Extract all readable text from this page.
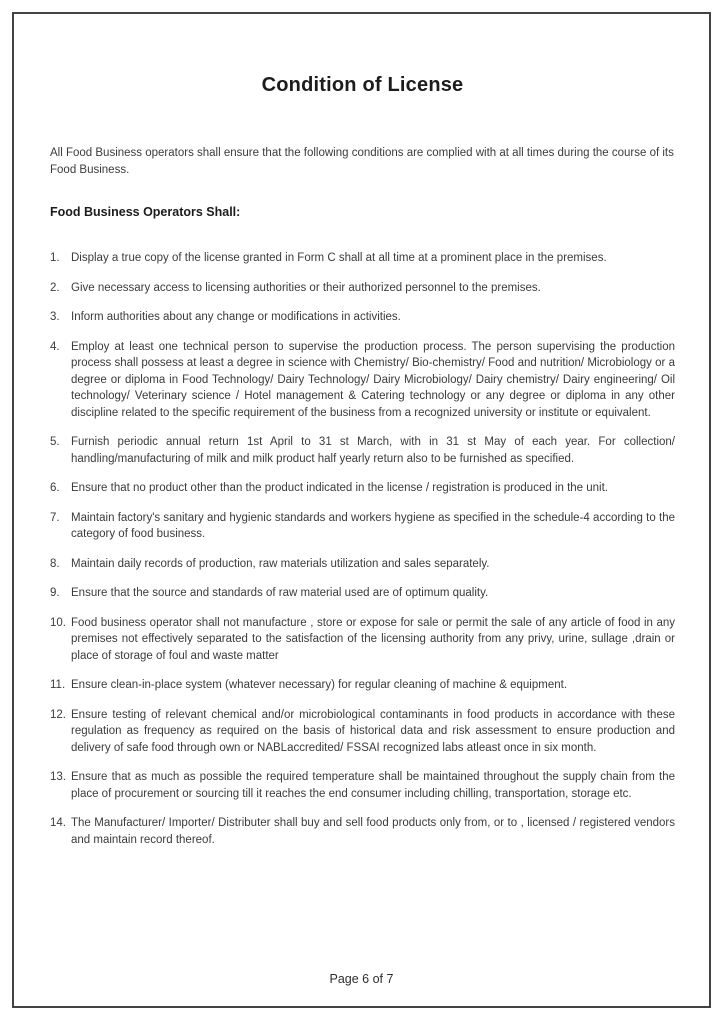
Condition of License

All Food Business operators shall ensure that the following conditions are complied with at all times during the course of its Food Business.

Food Business Operators Shall:
1. Display a true copy of the license granted in Form C shall at all time at a prominent place in the premises.
2. Give necessary access to licensing authorities or their authorized personnel to the premises.
3. Inform authorities about any change or modifications in activities.
4. Employ at least one technical person to supervise the production process. The person supervising the production process shall possess at least a degree in science with Chemistry/ Bio-chemistry/ Food and nutrition/ Microbiology or a degree or diploma in Food Technology/ Dairy Technology/ Dairy Microbiology/ Dairy chemistry/ Dairy engineering/ Oil technology/ Veterinary science / Hotel management & Catering technology or any degree or diploma in any other discipline related to the specific requirement of the business from a recognized university or institute or equivalent.
5. Furnish periodic annual return 1st April to 31 st March, with in 31 st May of each year. For collection/ handling/manufacturing of milk and milk product half yearly return also to be furnished as specified.
6. Ensure that no product other than the product indicated in the license / registration is produced in the unit.
7. Maintain factory's sanitary and hygienic standards and workers hygiene as specified in the schedule-4 according to the category of food business.
8. Maintain daily records of production, raw materials utilization and sales separately.
9. Ensure that the source and standards of raw material used are of optimum quality.
10. Food business operator shall not manufacture , store or expose for sale or permit the sale of any article of food in any premises not effectively separated to the satisfaction of the licensing authority from any privy, urine, sullage ,drain or place of storage of foul and waste matter
11. Ensure clean-in-place system (whatever necessary) for regular cleaning of machine & equipment.
12. Ensure testing of relevant chemical and/or microbiological contaminants in food products in accordance with these regulation as frequency as required on the basis of historical data and risk assessment to ensure production and delivery of safe food through own or NABLaccredited/ FSSAI recognized labs atleast once in six month.
13. Ensure that as much as possible the required temperature shall be maintained throughout the supply chain from the place of procurement or sourcing till it reaches the end consumer including chilling, transportation, storage etc.
14. The Manufacturer/ Importer/ Distributer shall buy and sell food products only from, or to , licensed / registered vendors and maintain record thereof.
Page 6 of 7
